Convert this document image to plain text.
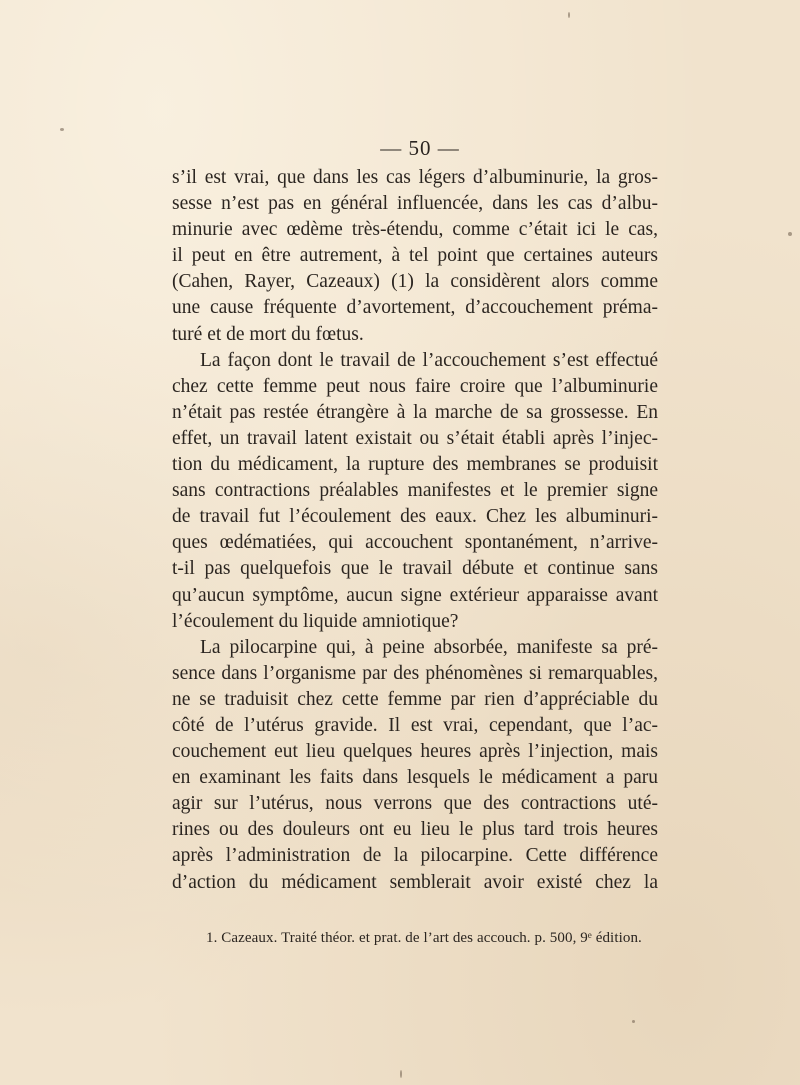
— 50 —
s’il est vrai, que dans les cas légers d’albuminurie, la gros-
sesse n’est pas en général influencée, dans les cas d’albu-
minurie avec œdème très-étendu, comme c’était ici le cas,
il peut en être autrement, à tel point que certaines auteurs
(Cahen, Rayer, Cazeaux) (1) la considèrent alors comme
une cause fréquente d’avortement, d’accouchement préma-
turé et de mort du fœtus.
La façon dont le travail de l’accouchement s’est effectué
chez cette femme peut nous faire croire que l’albuminurie
n’était pas restée étrangère à la marche de sa grossesse. En
effet, un travail latent existait ou s’était établi après l’injec-
tion du médicament, la rupture des membranes se produisit
sans contractions préalables manifestes et le premier signe
de travail fut l’écoulement des eaux. Chez les albuminuri-
ques œdématiées, qui accouchent spontanément, n’arrive-
t-il pas quelquefois que le travail débute et continue sans
qu’aucun symptôme, aucun signe extérieur apparaisse avant
l’écoulement du liquide amniotique?
La pilocarpine qui, à peine absorbée, manifeste sa pré-
sence dans l’organisme par des phénomènes si remarquables,
ne se traduisit chez cette femme par rien d’appréciable du
côté de l’utérus gravide. Il est vrai, cependant, que l’ac-
couchement eut lieu quelques heures après l’injection, mais
en examinant les faits dans lesquels le médicament a paru
agir sur l’utérus, nous verrons que des contractions uté-
rines ou des douleurs ont eu lieu le plus tard trois heures
après l’administration de la pilocarpine. Cette différence
d’action du médicament semblerait avoir existé chez la
1. Cazeaux. Traité théor. et prat. de l’art des accouch. p. 500, 9ᵉ édition.
